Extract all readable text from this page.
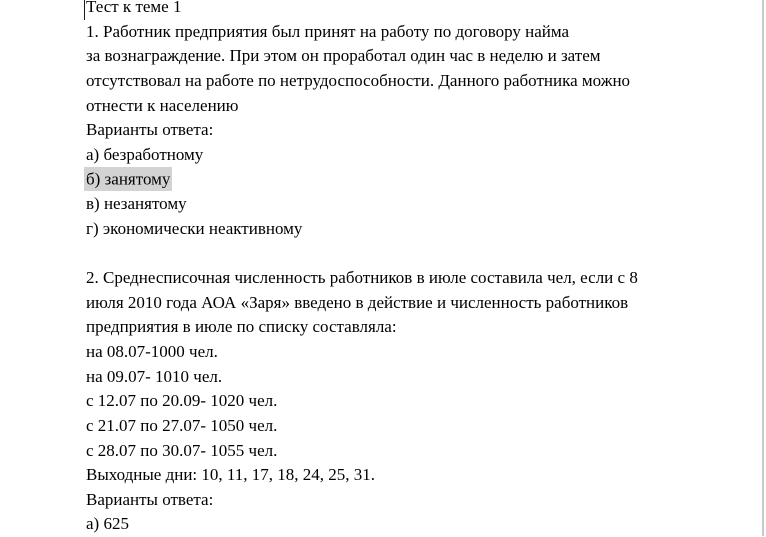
Тест к теме 1
1. Работник предприятия был принят на работу по договору найма
за вознаграждение. При этом он проработал один час в неделю и затем
отсутствовал на работе по нетрудоспособности. Данного работника можно
отнести к населению
Варианты ответа:
а) безработному
б) занятому
в) незанятому
г) экономически неактивному
2. Среднесписочная численность работников в июле составила чел, если с 8
июля 2010 года АОА «Заря» введено в действие и численность работников
предприятия в июле по списку составляла:
на 08.07-1000 чел.
на 09.07- 1010 чел.
с 12.07 по 20.09- 1020 чел.
с 21.07 по 27.07- 1050 чел.
с 28.07 по 30.07- 1055 чел.
Выходные дни: 10, 11, 17, 18, 24, 25, 31.
Варианты ответа:
а) 625
